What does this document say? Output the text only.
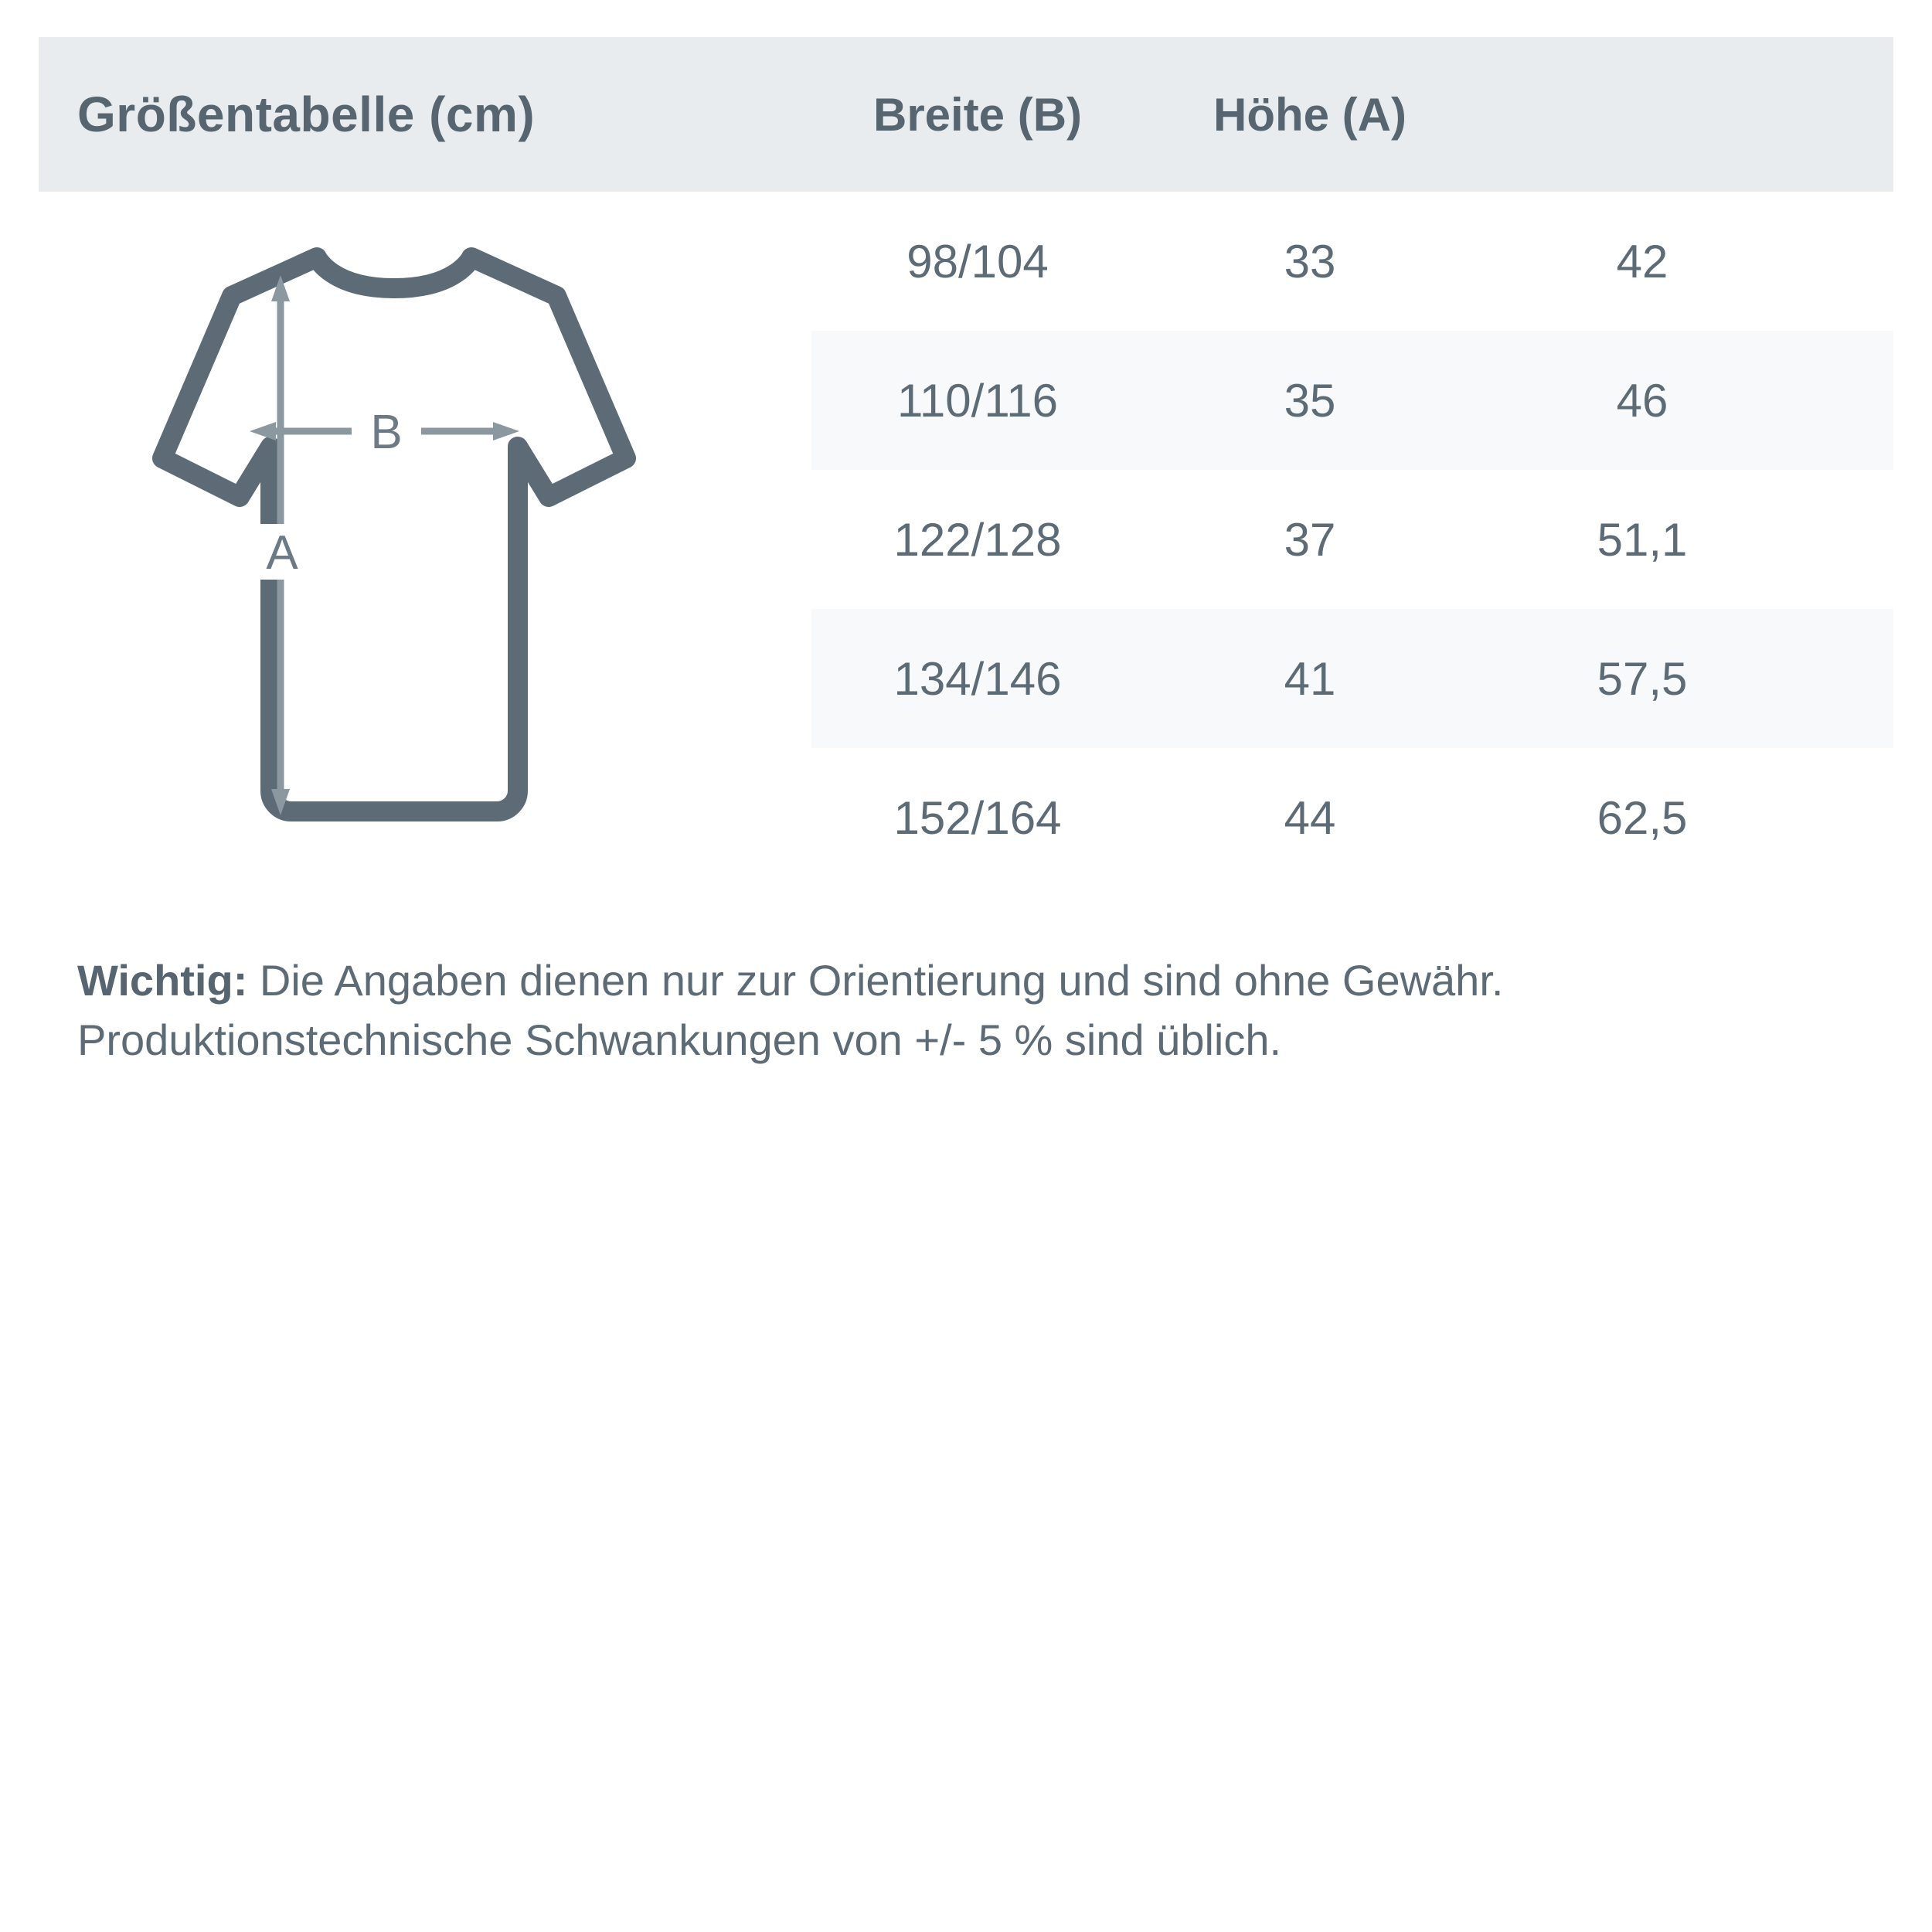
Größentabelle (cm)	Breite (B)	Höhe (A)
B
A
98/104	33	42
110/116	35	46
122/128	37	51,1
134/146	41	57,5
152/164	44	62,5
Wichtig: Die Angaben dienen nur zur Orientierung und sind ohne Gewähr. Produktionstechnische Schwankungen von +/- 5 % sind üblich.
